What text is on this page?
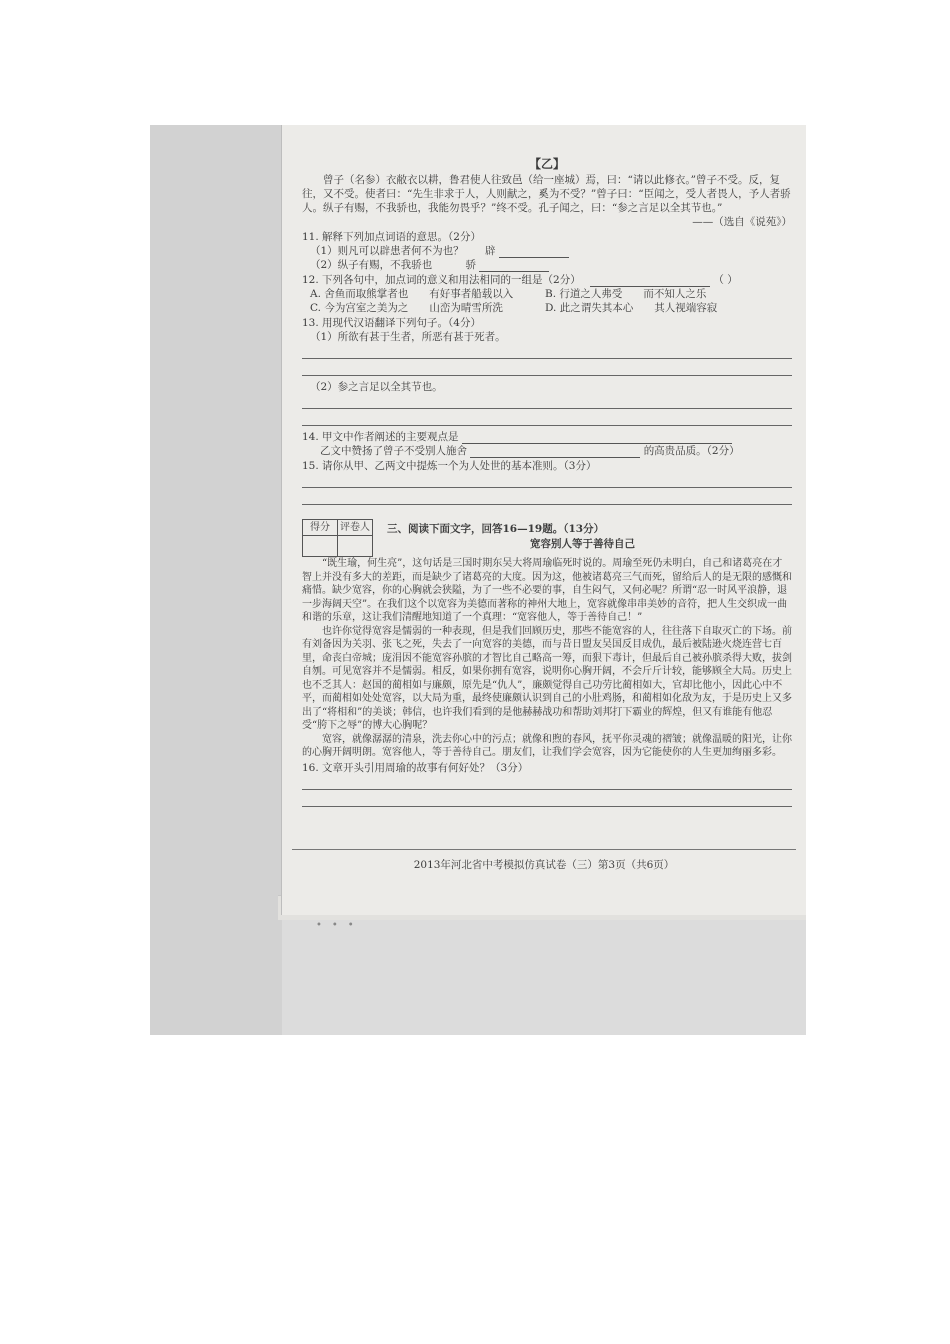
•••
【乙】

曾子（名参）衣敝衣以耕，鲁君使人往致邑（给一座城）焉，曰：“请以此修衣。”曾子不受。反，复往，又不受。使者曰：“先生非求于人，人则献之，奚为不受？”曾子曰：“臣闻之，受人者畏人，予人者骄人。纵子有赐，不我骄也，我能勿畏乎？”终不受。孔子闻之，曰：“参之言足以全其节也。”

——（选自《说苑》）

11. 解释下列加点词语的意思。（2分）

（1）则凡可以辟患者何不为也？ 辟

（2）纵子有赐，不我骄也	骄

12. 下列各句中，加点词的意义和用法相同的一组是（2分）	（ ）

A. 舍鱼而取熊掌者也　　有好事者船载以入	B. 行道之人弗受　　而不知人之乐
C. 今为宫室之美为之　　山峦为晴雪所洗	D. 此之谓失其本心　　其人视端容寂

13. 用现代汉语翻译下列句子。（4分）

（1）所欲有甚于生者，所恶有甚于死者。

（2）参之言足以全其节也。

14. 甲文中作者阐述的主要观点是

乙文中赞扬了曾子不受别人施舍	的高贵品质。（2分）

15. 请你从甲、乙两文中提炼一个为人处世的基本准则。（3分）

得分	评卷人
	三、阅读下面文字，回答16—19题。（13分）
宽容别人等于善待自己

“既生瑜，何生亮”，这句话是三国时期东吴大将周瑜临死时说的。周瑜至死仍未明白，自己和诸葛亮在才智上并没有多大的差距，而是缺少了诸葛亮的大度。因为这，他被诸葛亮三气而死，留给后人的是无限的感慨和痛惜。缺少宽容，你的心胸就会狭隘，为了一些不必要的事，自生闷气，又何必呢？所谓“忍一时风平浪静，退一步海阔天空”。在我们这个以宽容为美德而著称的神州大地上，宽容就像串串美妙的音符，把人生交织成一曲和谐的乐章，这让我们清醒地知道了一个真理：“宽容他人，等于善待自己！”

也许你觉得宽容是懦弱的一种表现，但是我们回顾历史，那些不能宽容的人，往往落下自取灭亡的下场。前有刘备因为关羽、张飞之死，失去了一向宽容的美德，而与昔日盟友吴国反目成仇，最后被陆逊火烧连营七百里，命丧白帝城；庞涓因不能宽容孙膑的才智比自己略高一筹，而狠下毒计，但最后自己被孙膑杀得大败，拔剑自刎。可见宽容并不是懦弱。相反，如果你拥有宽容，说明你心胸开阔，不会斤斤计较，能够顾全大局。历史上也不乏其人：赵国的蔺相如与廉颇，原先是“仇人”，廉颇觉得自己功劳比蔺相如大，官却比他小，因此心中不平，而蔺相如处处宽容，以大局为重，最终使廉颇认识到自己的小肚鸡肠，和蔺相如化敌为友，于是历史上又多出了“将相和”的美谈；韩信，也许我们看到的是他赫赫战功和帮助刘邦打下霸业的辉煌，但又有谁能有他忍受“胯下之辱”的博大心胸呢？

宽容，就像潺潺的清泉，洗去你心中的污点；就像和煦的春风，抚平你灵魂的褶皱；就像温暖的阳光，让你的心胸开阔明朗。宽容他人，等于善待自己。朋友们，让我们学会宽容，因为它能使你的人生更加绚丽多彩。

16. 文章开头引用周瑜的故事有何好处？（3分）

2013年河北省中考模拟仿真试卷（三）第3页（共6页）
